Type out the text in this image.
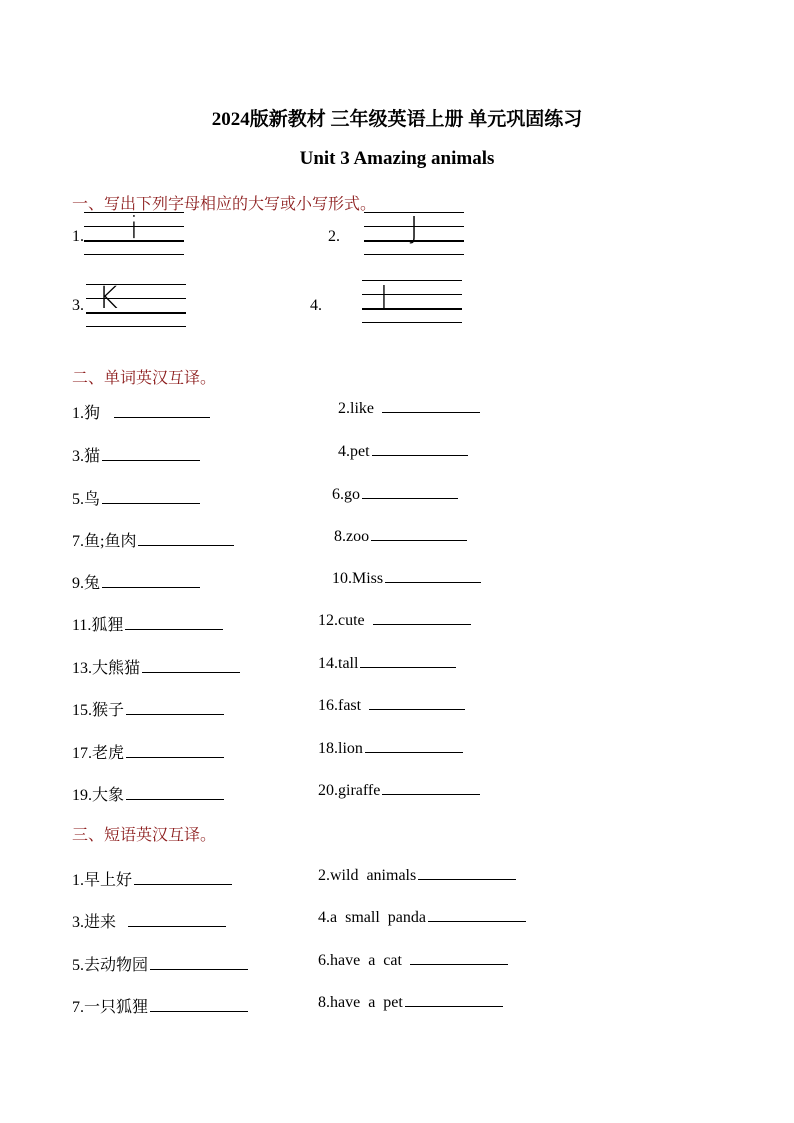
2024版新教材 三年级英语上册 单元巩固练习
Unit 3 Amazing animals
一、写出下列字母相应的大写或小写形式。
1.	i	2.	J
3. K	4.	l
二、单词英汉互译。
1.狗	2.like
3.猫	4.pet
5.鸟	6.go
7.鱼;鱼肉	8.zoo
9.兔	10.Miss
11.狐狸	12.cute
13.大熊猫	14.tall
15.猴子	16.fast
17.老虎	18.lion
19.大象	20.giraffe
三、短语英汉互译。
1.早上好	2.wild  animals
3.进来	4.a  small  panda
5.去动物园	6.have  a  cat
7.一只狐狸	8.have  a  pet
